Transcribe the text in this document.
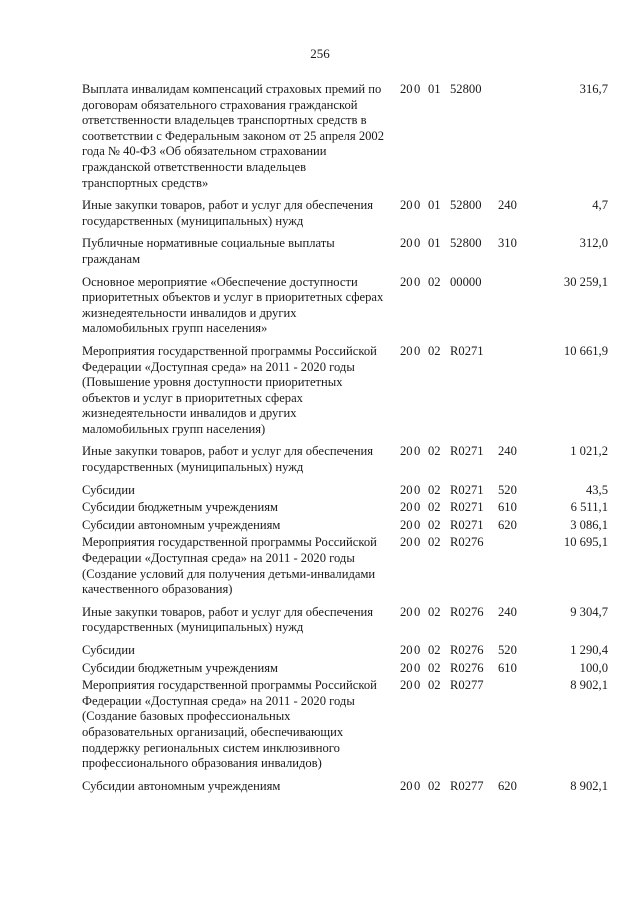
256
Выплата инвалидам компенсаций страховых премий по договорам обязательного страхования гражданской ответственности владельцев транспортных средств в соответствии с Федеральным законом от 25 апреля 2002 года № 40-ФЗ «Об обязательном страховании гражданской ответственности владельцев транспортных средств»	20	0	01	52800		316,7
Иные закупки товаров, работ и услуг для обеспечения государственных (муниципальных) нужд	20	0	01	52800	240	4,7
Публичные нормативные социальные выплаты гражданам	20	0	01	52800	310	312,0
Основное мероприятие «Обеспечение доступности приоритетных объектов и услуг в приоритетных сферах жизнедеятельности инвалидов и других маломобильных групп населения»	20	0	02	00000		30 259,1
Мероприятия государственной программы Российской Федерации «Доступная среда» на 2011 - 2020 годы (Повышение уровня доступности приоритетных объектов и услуг в приоритетных сферах жизнедеятельности инвалидов и других маломобильных групп населения)	20	0	02	R0271		10 661,9
Иные закупки товаров, работ и услуг для обеспечения государственных (муниципальных) нужд	20	0	02	R0271	240	1 021,2
Субсидии	20	0	02	R0271	520	43,5
Субсидии бюджетным учреждениям	20	0	02	R0271	610	6 511,1
Субсидии автономным учреждениям	20	0	02	R0271	620	3 086,1
Мероприятия государственной программы Российской Федерации «Доступная среда» на 2011 - 2020 годы (Создание условий для получения детьми-инвалидами качественного образования)	20	0	02	R0276		10 695,1
Иные закупки товаров, работ и услуг для обеспечения государственных (муниципальных) нужд	20	0	02	R0276	240	9 304,7
Субсидии	20	0	02	R0276	520	1 290,4
Субсидии бюджетным учреждениям	20	0	02	R0276	610	100,0
Мероприятия государственной программы Российской Федерации «Доступная среда» на 2011 - 2020 годы (Создание базовых профессиональных образовательных организаций, обеспечивающих поддержку региональных систем инклюзивного профессионального образования инвалидов)	20	0	02	R0277		8 902,1
Субсидии автономным учреждениям	20	0	02	R0277	620	8 902,1
